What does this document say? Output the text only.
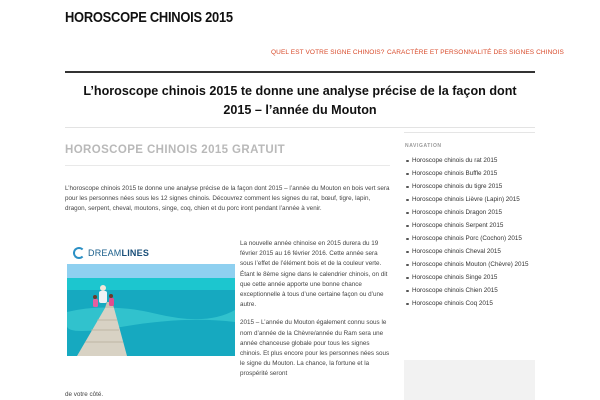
HOROSCOPE CHINOIS 2015
QUEL EST VOTRE SIGNE CHINOIS? CARACTÈRE ET PERSONNALITÉ DES SIGNES CHINOIS
L’horoscope chinois 2015 te donne une analyse précise de la façon dont 2015 – l’année du Mouton
HOROSCOPE CHINOIS 2015 GRATUIT

L’horoscope chinois 2015 te donne une analyse précise de la façon dont 2015 – l’année du Mouton en bois vert sera pour les personnes nées sous les 12 signes chinois. Découvrez comment les signes du rat, bœuf, tigre, lapin, dragon, serpent, cheval, moutons, singe, coq, chien et du porc iront pendant l’année à venir.

DREAMLINES

La nouvelle année chinoise en 2015 durera du 19 février 2015 au 16 février 2016. Cette année sera sous l’effet de l’élément bois et de la couleur verte. Étant le 8ème signe dans le calendrier chinois, on dit que cette année apporte une bonne chance exceptionnelle à tous d’une certaine façon ou d’une autre.

2015 – L’année du Mouton également connu sous le nom d’année de la Chèvre/année du Ram sera une année chanceuse globale pour tous les signes chinois. Et plus encore pour les personnes nées sous le signe du Mouton. La chance, la fortune et la prospérité seront

de votre côté.
NAVIGATION
Horoscope chinois du rat 2015
Horoscope chinois Buffle 2015
Horoscope chinois du tigre 2015
Horoscope chinois Lièvre (Lapin) 2015
Horoscope chinois Dragon 2015
Horoscope chinois Serpent 2015
Horoscope chinois Porc (Cochon) 2015
Horoscope chinois Cheval 2015
Horoscope chinois Mouton (Chèvre) 2015
Horoscope chinois Singe 2015
Horoscope chinois Chien 2015
Horoscope chinois Coq 2015
